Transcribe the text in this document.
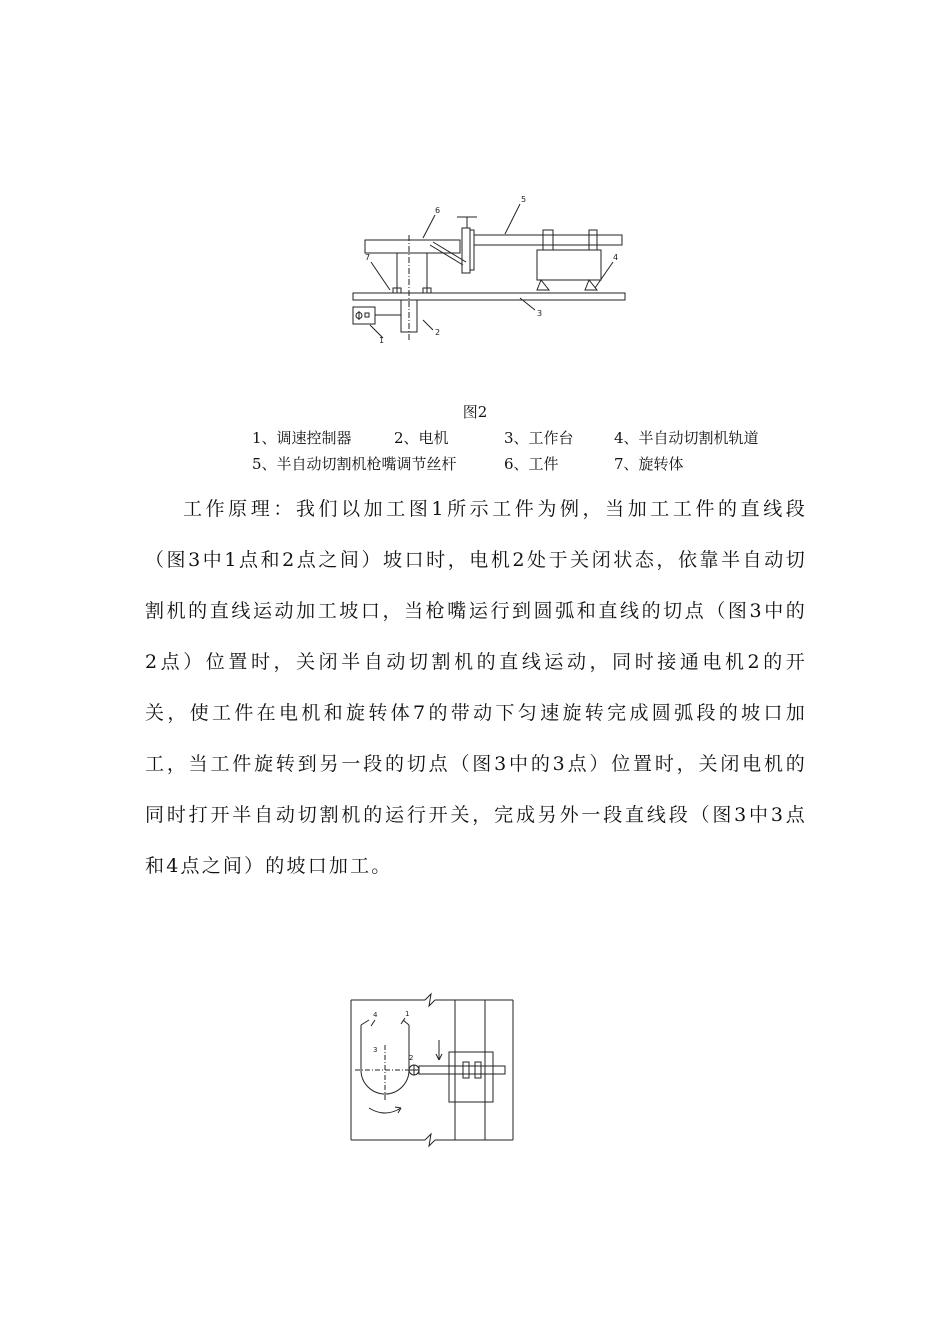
1
2
3
4
5
6
7
图2
1、调速控制器	2、电机	3、工作台	4、半自动切割机轨道
5、半自动切割机枪嘴调节丝杆	6、工件	7、旋转体
工作原理：我们以加工图1所示工件为例，当加工工件的直线段（图3中1点和2点之间）坡口时，电机2处于关闭状态，依靠半自动切割机的直线运动加工坡口，当枪嘴运行到圆弧和直线的切点（图3中的2点）位置时，关闭半自动切割机的直线运动，同时接通电机2的开关，使工件在电机和旋转体7的带动下匀速旋转完成圆弧段的坡口加工，当工件旋转到另一段的切点（图3中的3点）位置时，关闭电机的同时打开半自动切割机的运行开关，完成另外一段直线段（图3中3点和4点之间）的坡口加工。
4	1
3
2
